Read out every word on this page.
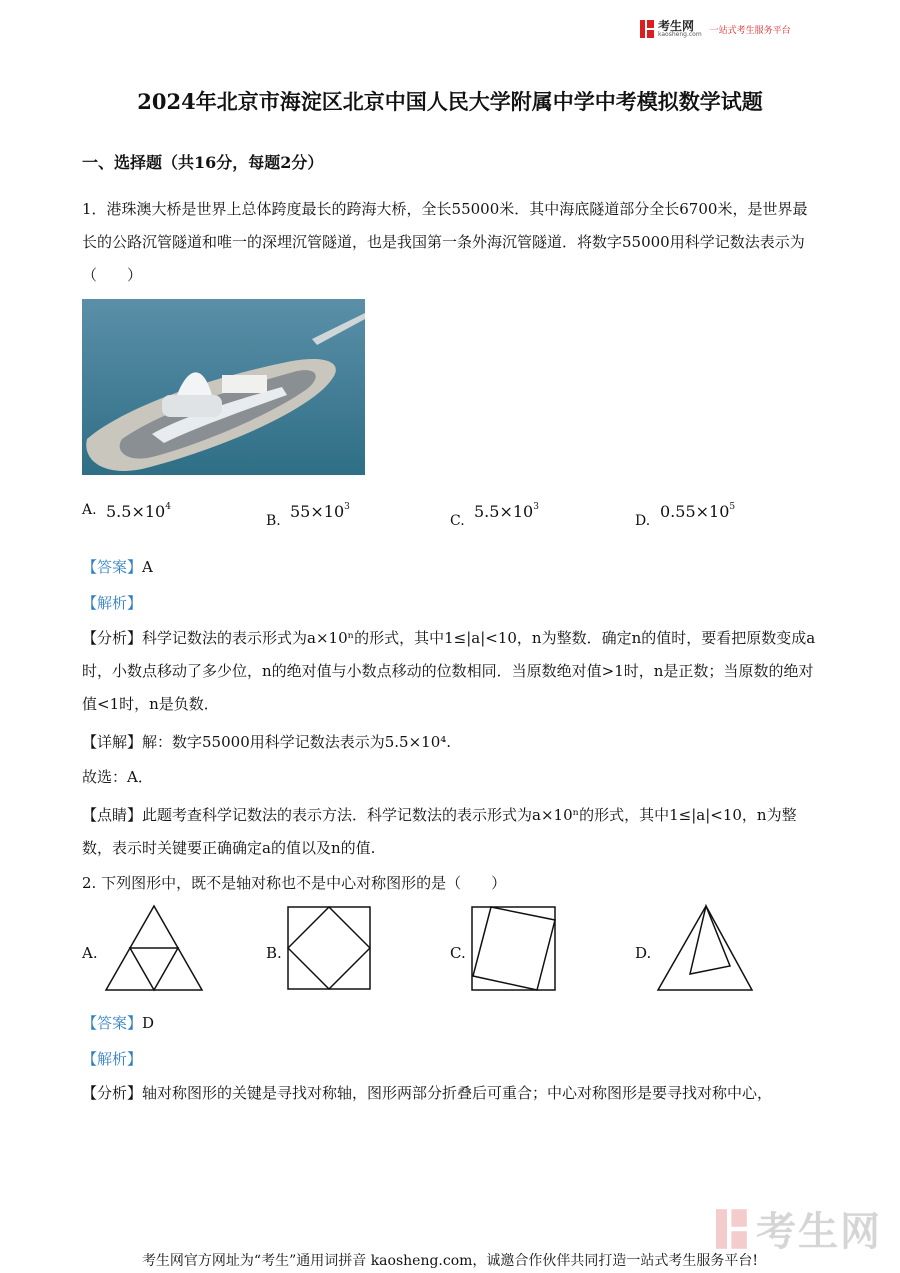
考生网
kaosheng.com 一站式考生服务平台
2024年北京市海淀区北京中国人民大学附属中学中考模拟数学试题
一、选择题（共16分，每题2分）
1．港珠澳大桥是世界上总体跨度最长的跨海大桥，全长55000米．其中海底隧道部分全长6700米，是世界最长的公路沉管隧道和唯一的深埋沉管隧道，也是我国第一条外海沉管隧道．将数字55000用科学记数法表示为（　　）
A. $5.5\times 10^4$
B. $55\times 10^3$
C. $5.5\times 10^3$
D. $0.55\times 10^5$
【答案】A
【解析】
【分析】科学记数法的表示形式为a×10ⁿ的形式，其中1≤|a|<10，n为整数．确定n的值时，要看把原数变成a时，小数点移动了多少位，n的绝对值与小数点移动的位数相同．当原数绝对值>1时，n是正数；当原数的绝对值<1时，n是负数．
【详解】解：数字55000用科学记数法表示为5.5×10⁴.
故选：A．
【点睛】此题考查科学记数法的表示方法．科学记数法的表示形式为a×10ⁿ的形式，其中1≤|a|<10，n为整数，表示时关键要正确确定a的值以及n的值.
2. 下列图形中，既不是轴对称也不是中心对称图形的是（　　）
A.	B.	C.	D.
【答案】D
【解析】
【分析】轴对称图形的关键是寻找对称轴，图形两部分折叠后可重合；中心对称图形是要寻找对称中心，
考生网
考生网官方网址为“考生”通用词拼音 kaosheng.com，诚邀合作伙伴共同打造一站式考生服务平台!
